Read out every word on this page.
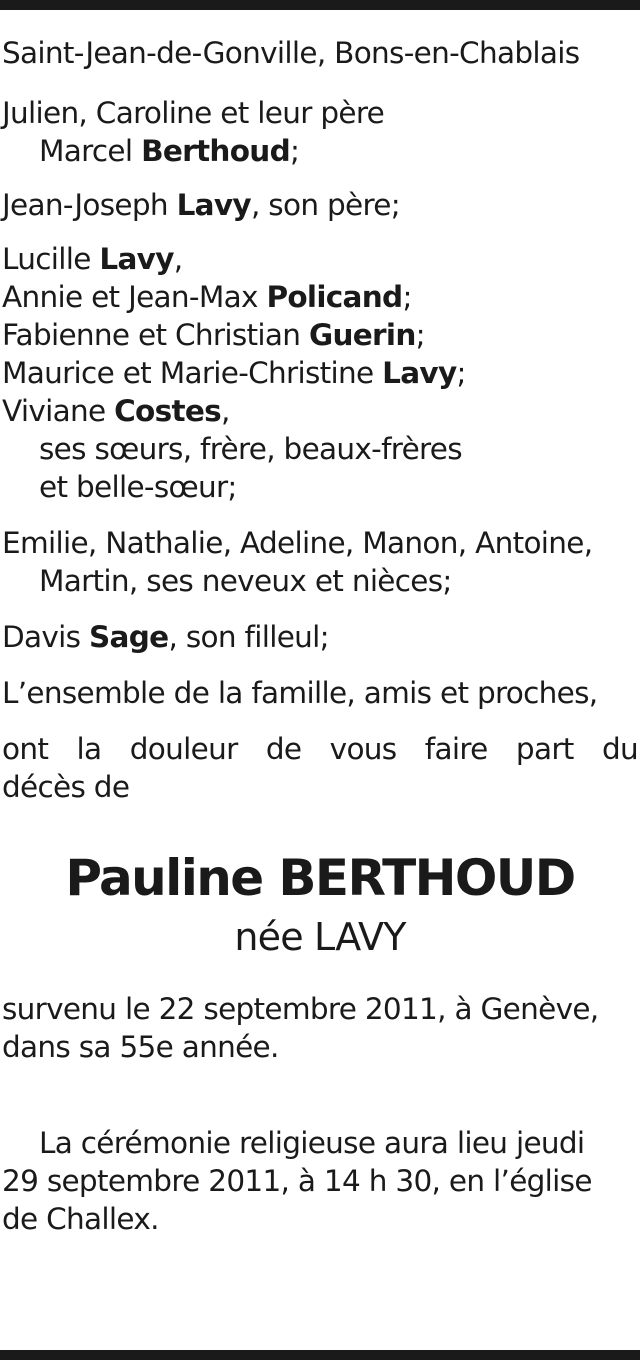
Saint-Jean-de-Gonville, Bons-en-Chablais

Julien, Caroline et leur père

Marcel Berthoud;

Jean-Joseph Lavy, son père;

Lucille Lavy,

Annie et Jean-Max Policand;

Fabienne et Christian Guerin;

Maurice et Marie-Christine Lavy;

Viviane Costes,

ses sœurs, frère, beaux-frères

et belle-sœur;

Emilie, Nathalie, Adeline, Manon, Antoine,

Martin, ses neveux et nièces;

Davis Sage, son filleul;

L’ensemble de la famille, amis et proches,

ont la douleur de vous faire part du

décès de

Pauline BERTHOUD
née LAVY

survenu le 22 septembre 2011, à Genève,

dans sa 55e année.

La cérémonie religieuse aura lieu jeudi

29 septembre 2011, à 14 h 30, en l’église

de Challex.
